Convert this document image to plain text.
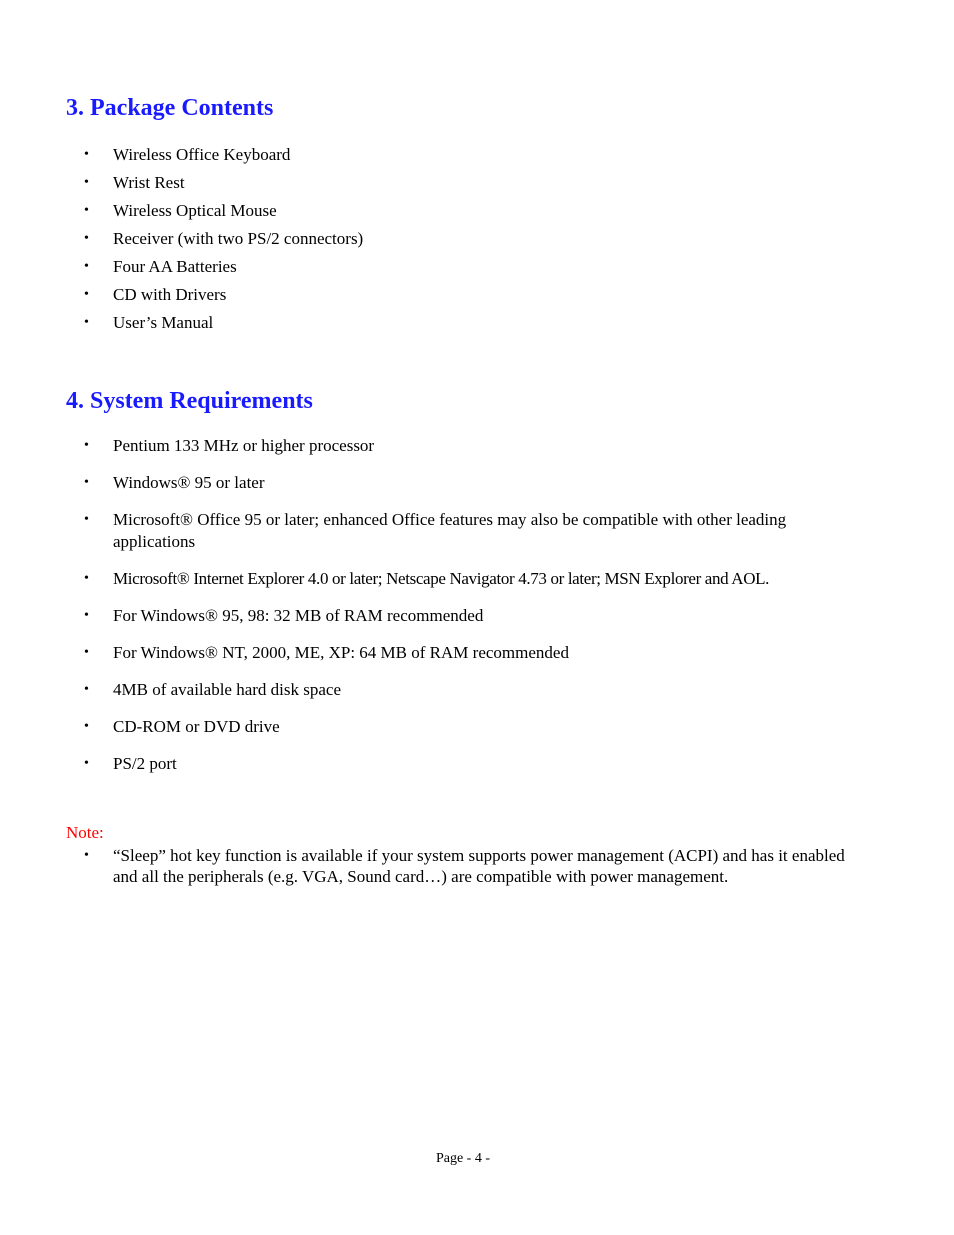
3. Package Contents
• Wireless Office Keyboard
• Wrist Rest
• Wireless Optical Mouse
• Receiver (with two PS/2 connectors)
• Four AA Batteries
• CD with Drivers
• User’s Manual
4. System Requirements
• Pentium 133 MHz or higher processor
• Windows® 95 or later
• Microsoft® Office 95 or later; enhanced Office features may also be compatible with other leading applications
• Microsoft® Internet Explorer 4.0 or later; Netscape Navigator 4.73 or later; MSN Explorer and AOL.
• For Windows® 95, 98: 32 MB of RAM recommended
• For Windows® NT, 2000, ME, XP: 64 MB of RAM recommended
• 4MB of available hard disk space
• CD-ROM or DVD drive
• PS/2 port
Note:
• “Sleep” hot key function is available if your system supports power management (ACPI) and has it enabled and all the peripherals (e.g. VGA, Sound card…) are compatible with power management.
Page - 4 -
